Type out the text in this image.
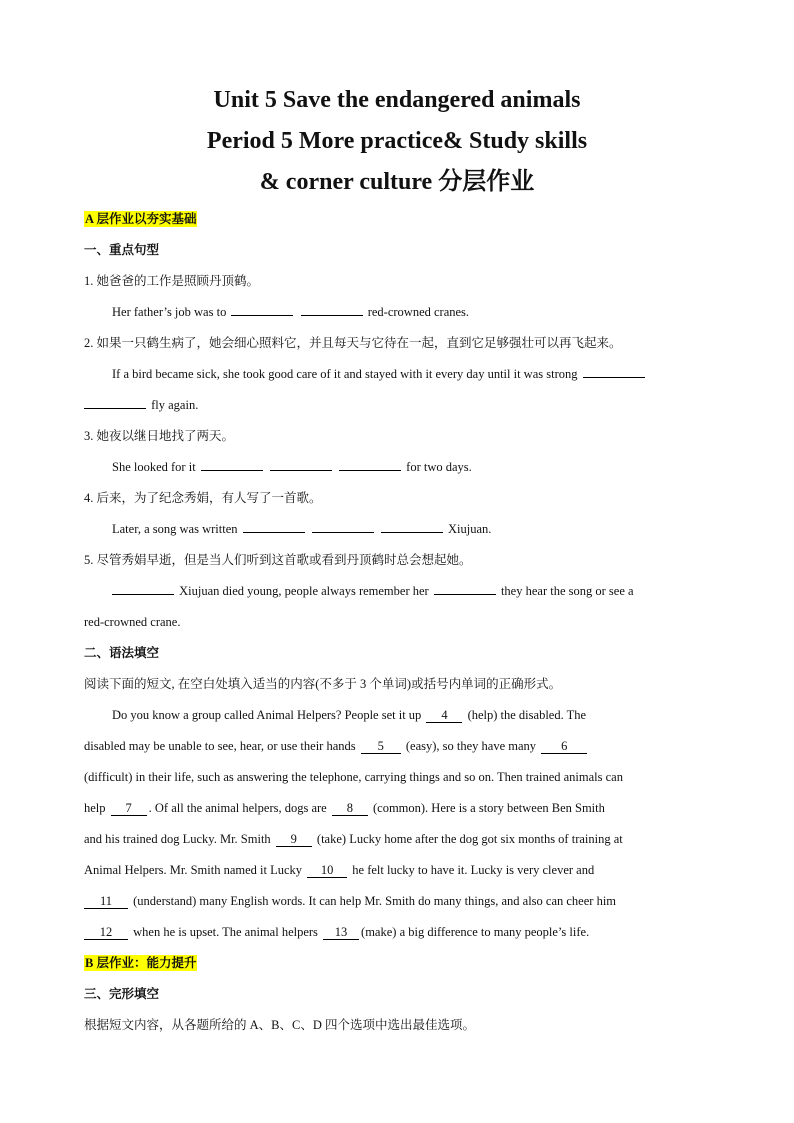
Unit 5 Save the endangered animals
Period 5 More practice& Study skills
& corner culture 分层作业
A 层作业以夯实基础
一、重点句型
1. 她爸爸的工作是照顾丹顶鹤。
Her father’s job was to	red-crowned cranes.
2. 如果一只鹤生病了，她会细心照料它，并且每天与它待在一起，直到它足够强壮可以再飞起来。
If a bird became sick, she took good care of it and stayed with it every day until it was strong
fly again.
3. 她夜以继日地找了两天。
She looked for it	for two days.
4. 后来，为了纪念秀娟，有人写了一首歌。
Later, a song was written	Xiujuan.
5. 尽管秀娟早逝，但是当人们听到这首歌或看到丹顶鹤时总会想起她。
Xiujuan died young, people always remember her	they hear the song or see a
red-crowned crane.
二、语法填空
阅读下面的短文, 在空白处填入适当的内容(不多于 3 个单词)或括号内单词的正确形式。
Do you know a group called Animal Helpers? People set it up 4 (help) the disabled. The
disabled may be unable to see, hear, or use their hands 5 (easy), so they have many 6
(difficult) in their life, such as answering the telephone, carrying things and so on. Then trained animals can
help 7 . Of all the animal helpers, dogs are 8 (common). Here is a story between Ben Smith
and his trained dog Lucky. Mr. Smith 9 (take) Lucky home after the dog got six months of training at
Animal Helpers. Mr. Smith named it Lucky 10 he felt lucky to have it. Lucky is very clever and
11 (understand) many English words. It can help Mr. Smith do many things, and also can cheer him
12 when he is upset. The animal helpers 13 (make) a big difference to many people’s life.
B 层作业：能力提升
三、完形填空
根据短文内容，从各题所给的 A、B、C、D 四个选项中选出最佳选项。
